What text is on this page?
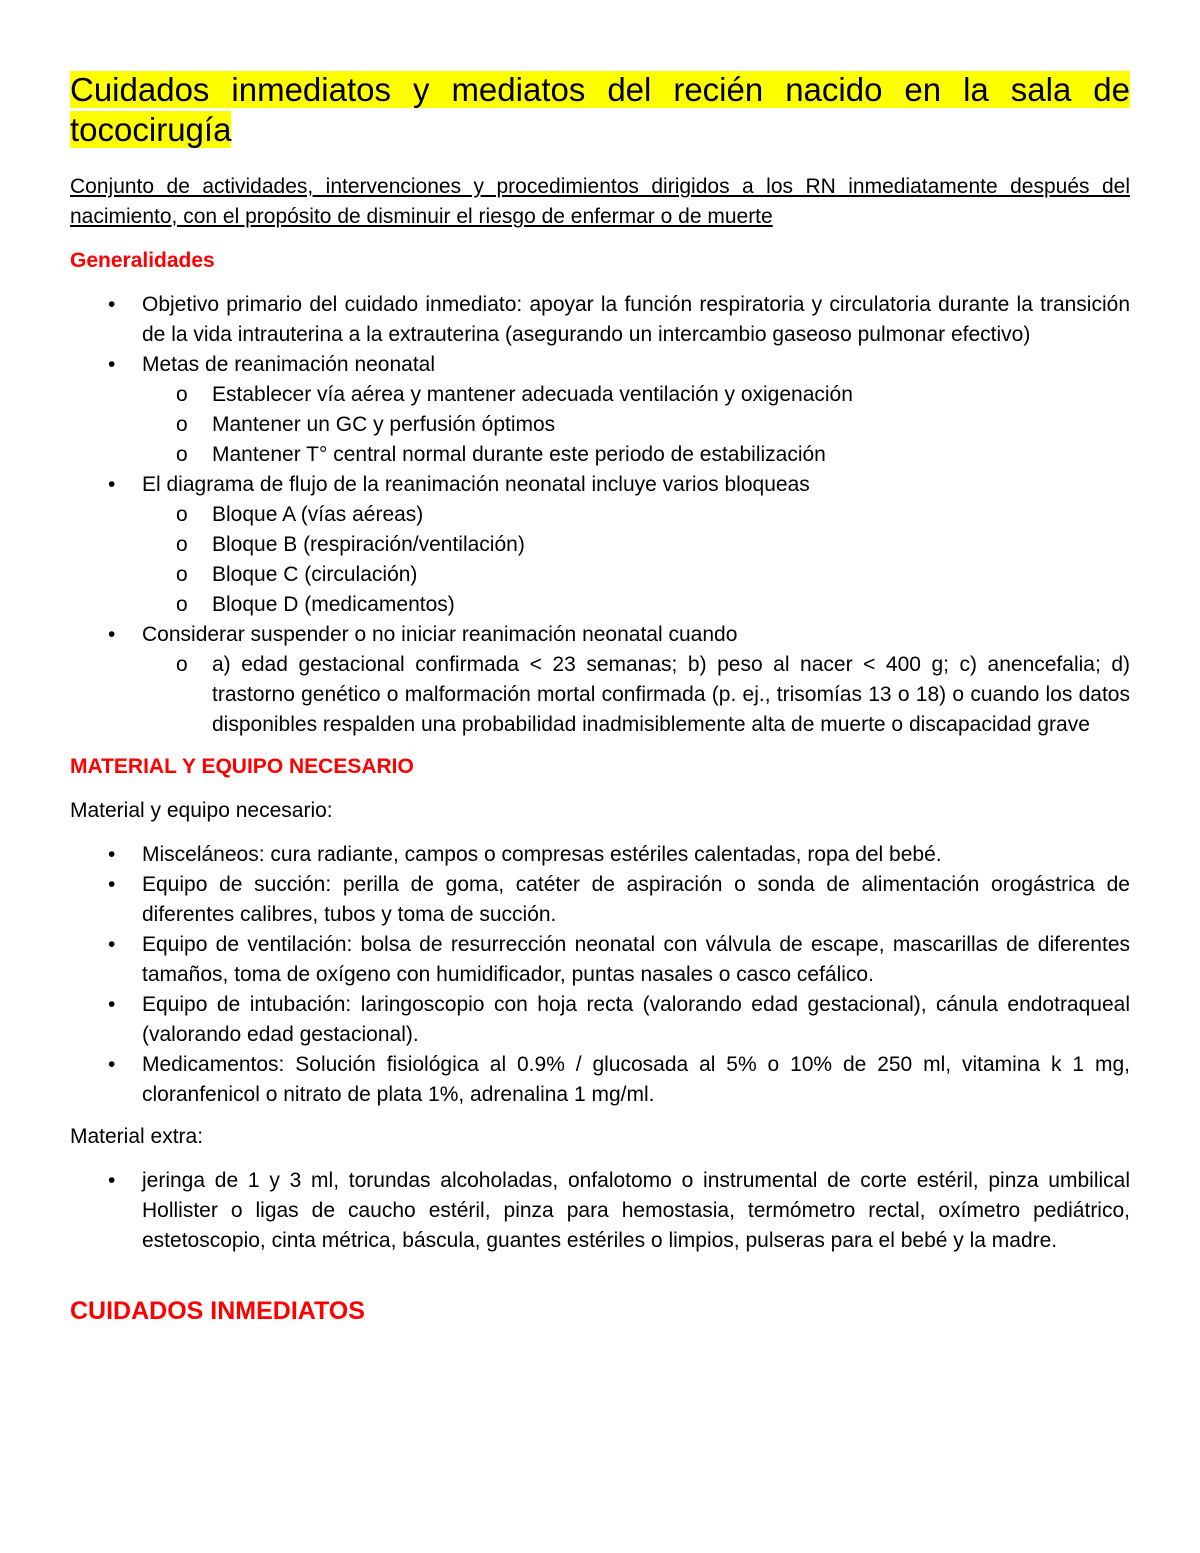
Cuidados inmediatos y mediatos del recién nacido en la sala de tococirugía

Conjunto de actividades, intervenciones y procedimientos dirigidos a los RN inmediatamente después del nacimiento, con el propósito de disminuir el riesgo de enfermar o de muerte

Generalidades
•	Objetivo primario del cuidado inmediato: apoyar la función respiratoria y circulatoria durante la transición de la vida intrauterina a la extrauterina (asegurando un intercambio gaseoso pulmonar efectivo)
•	Metas de reanimación neonatal
o Establecer vía aérea y mantener adecuada ventilación y oxigenación
o Mantener un GC y perfusión óptimos
o Mantener T° central normal durante este periodo de estabilización
•	El diagrama de flujo de la reanimación neonatal incluye varios bloqueas
o Bloque A (vías aéreas)
o Bloque B (respiración/ventilación)
o Bloque C (circulación)
o Bloque D (medicamentos)
•	Considerar suspender o no iniciar reanimación neonatal cuando
o a) edad gestacional confirmada < 23 semanas; b) peso al nacer < 400 g; c) anencefalia; d) trastorno genético o malformación mortal confirmada (p. ej., trisomías 13 o 18) o cuando los datos disponibles respalden una probabilidad inadmisiblemente alta de muerte o discapacidad grave
MATERIAL Y EQUIPO NECESARIO

Material y equipo necesario:

•	Misceláneos: cura radiante, campos o compresas estériles calentadas, ropa del bebé.
•	Equipo de succión: perilla de goma, catéter de aspiración o sonda de alimentación orogástrica de diferentes calibres, tubos y toma de succión.
•	Equipo de ventilación: bolsa de resurrección neonatal con válvula de escape, mascarillas de diferentes tamaños, toma de oxígeno con humidificador, puntas nasales o casco cefálico.
•	Equipo de intubación: laringoscopio con hoja recta (valorando edad gestacional), cánula endotraqueal (valorando edad gestacional).
•	Medicamentos: Solución fisiológica al 0.9% / glucosada al 5% o 10% de 250 ml, vitamina k 1 mg, cloranfenicol o nitrato de plata 1%, adrenalina 1 mg/ml.

Material extra:

•	jeringa de 1 y 3 ml, torundas alcoholadas, onfalotomo o instrumental de corte estéril, pinza umbilical Hollister o ligas de caucho estéril, pinza para hemostasia, termómetro rectal, oxímetro pediátrico, estetoscopio, cinta métrica, báscula, guantes estériles o limpios, pulseras para el bebé y la madre.
CUIDADOS INMEDIATOS
